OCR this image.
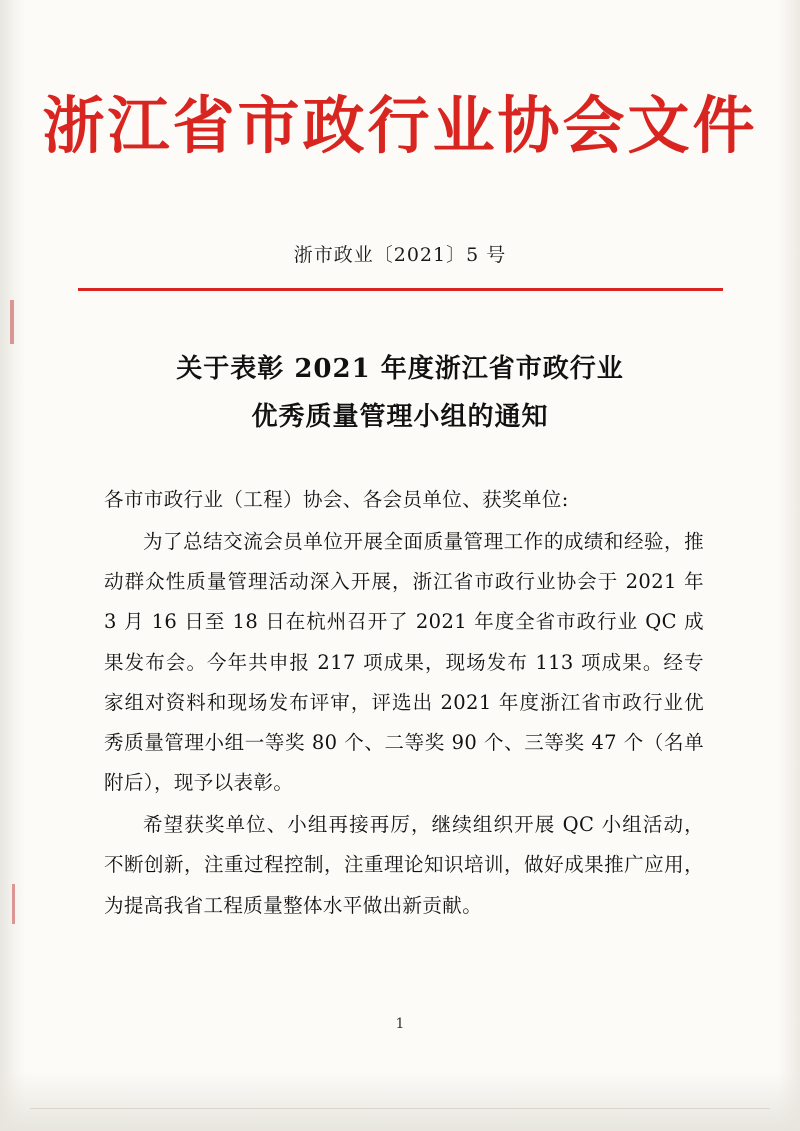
浙江省市政行业协会文件
浙市政业〔2021〕5 号
关于表彰 2021 年度浙江省市政行业
优秀质量管理小组的通知

各市市政行业（工程）协会、各会员单位、获奖单位:

为了总结交流会员单位开展全面质量管理工作的成绩和经验，推动群众性质量管理活动深入开展，浙江省市政行业协会于 2021 年 3 月 16 日至 18 日在杭州召开了 2021 年度全省市政行业 QC 成果发布会。今年共申报 217 项成果，现场发布 113 项成果。经专家组对资料和现场发布评审，评选出 2021 年度浙江省市政行业优秀质量管理小组一等奖 80 个、二等奖 90 个、三等奖 47 个（名单附后），现予以表彰。

希望获奖单位、小组再接再厉，继续组织开展 QC 小组活动，不断创新，注重过程控制，注重理论知识培训，做好成果推广应用，为提高我省工程质量整体水平做出新贡献。

1
